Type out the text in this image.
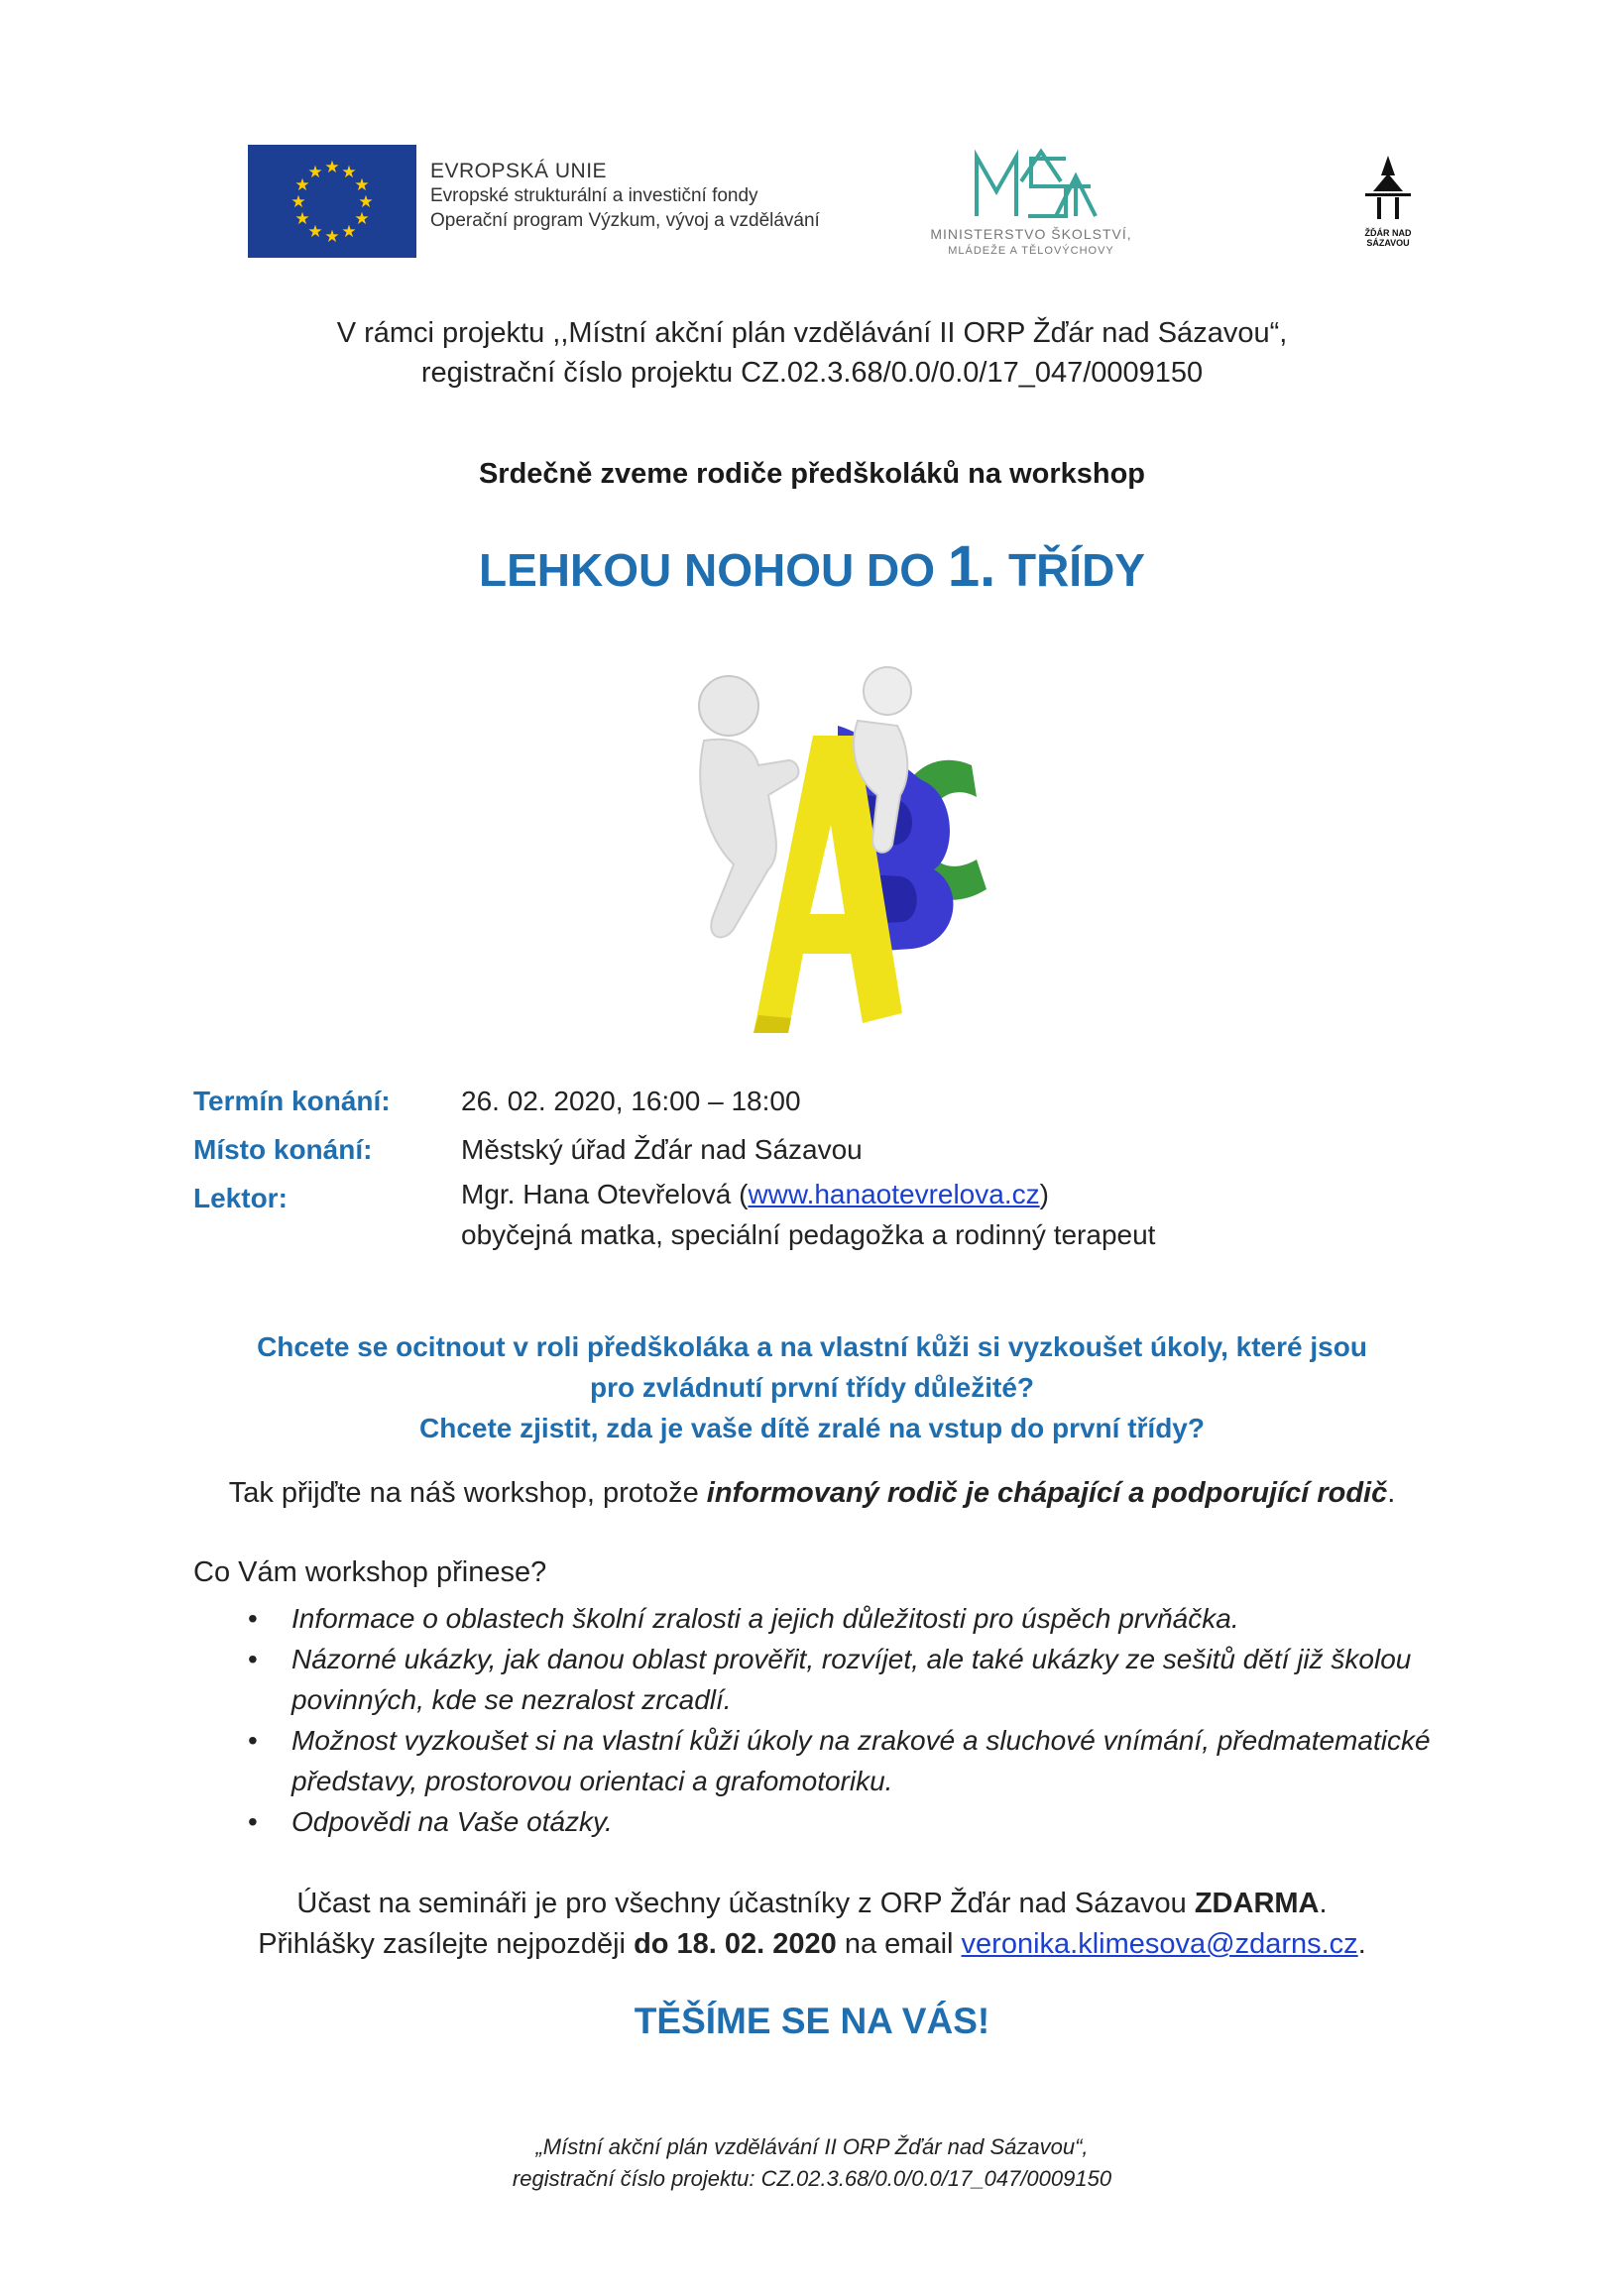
★ ★
★
★
★
★
★
★
★
★
★
★	EVROPSKÁ UNIE
Evropské strukturální a investiční fondy
Operační program Výzkum, vývoj a vzdělávání
MINISTERSTVO ŠKOLSTVÍ,
MLÁDEŽE A TĚLOVÝCHOVY
ŽĎÁR NAD SÁZAVOU
V rámci projektu ,,Místní akční plán vzdělávání II ORP Žďár nad Sázavou“,
registrační číslo projektu CZ.02.3.68/0.0/0.0/17_047/0009150
Srdečně zveme rodiče předškoláků na workshop
LEHKOU NOHOU DO 1. TŘÍDY
Termín konání:	26. 02. 2020, 16:00 – 18:00
Místo konání:	Městský úřad Žďár nad Sázavou
Lektor:	Mgr. Hana Otevřelová (www.hanaotevrelova.cz)
obyčejná matka, speciální pedagožka a rodinný terapeut
Chcete se ocitnout v roli předškoláka a na vlastní kůži si vyzkoušet úkoly, které jsou
pro zvládnutí první třídy důležité?
Chcete zjistit, zda je vaše dítě zralé na vstup do první třídy?
Tak přijďte na náš workshop, protože informovaný rodič je chápající a podporující rodič.
Co Vám workshop přinese?
• Informace o oblastech školní zralosti a jejich důležitosti pro úspěch prvňáčka.
• Názorné ukázky, jak danou oblast prověřit, rozvíjet, ale také ukázky ze sešitů dětí již školou povinných, kde se nezralost zrcadlí.
• Možnost vyzkoušet si na vlastní kůži úkoly na zrakové a sluchové vnímání, předmatematické představy, prostorovou orientaci a grafomotoriku.
• Odpovědi na Vaše otázky.
Účast na semináři je pro všechny účastníky z ORP Žďár nad Sázavou ZDARMA.
Přihlášky zasílejte nejpozději do 18. 02. 2020 na email veronika.klimesova@zdarns.cz.
TĚŠÍME SE NA VÁS!
„Místní akční plán vzdělávání II ORP Žďár nad Sázavou“,
registrační číslo projektu: CZ.02.3.68/0.0/0.0/17_047/0009150
